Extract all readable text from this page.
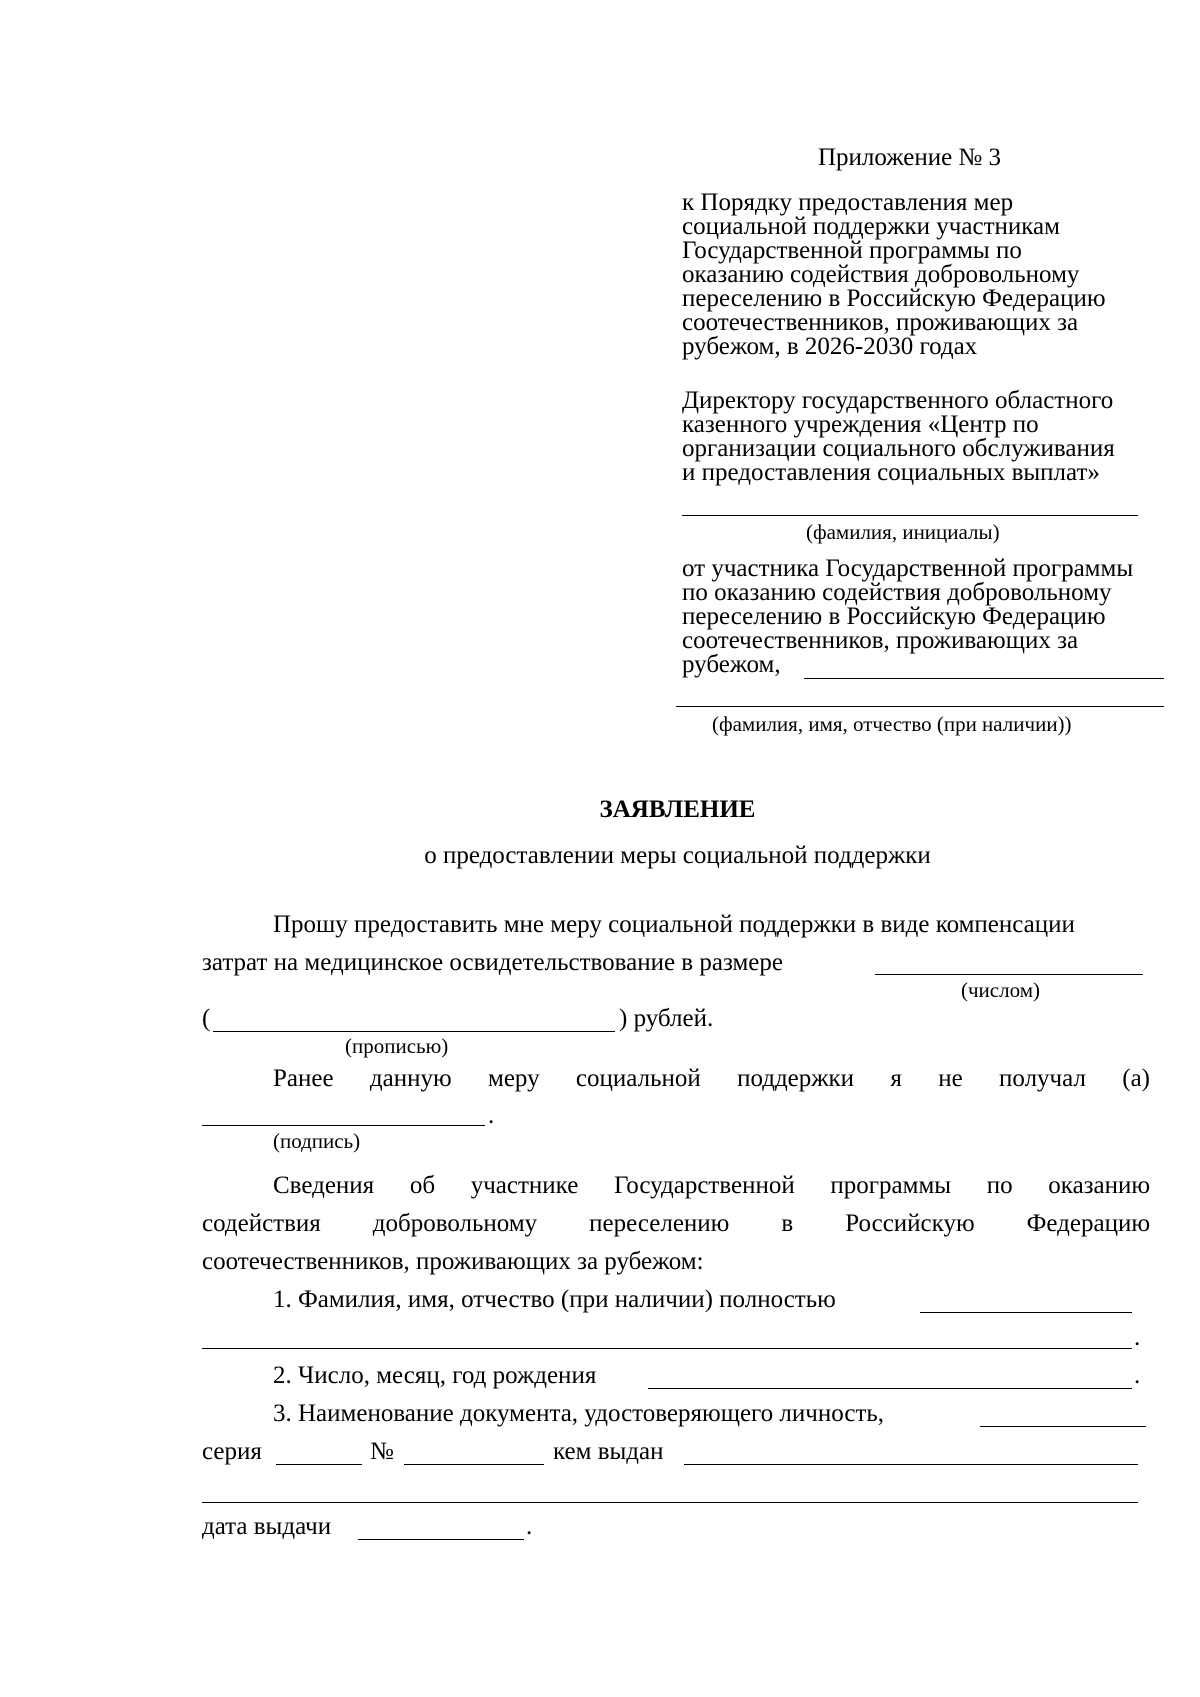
Приложение № 3
к Порядку предоставления мер
социальной поддержки участникам
Государственной программы по
оказанию содействия добровольному
переселению в Российскую Федерацию
соотечественников, проживающих за
рубежом, в 2026-2030 годах
Директору государственного областного
казенного учреждения «Центр по
организации социального обслуживания
и предоставления социальных выплат»
(фамилия, инициалы)
от участника Государственной программы
по оказанию содействия добровольному
переселению в Российскую Федерацию
соотечественников, проживающих за
рубежом,
(фамилия, имя, отчество (при наличии))
ЗАЯВЛЕНИЕ
о предоставлении меры социальной поддержки
Прошу предоставить мне меру социальной поддержки в виде компенсации
затрат на медицинское освидетельствование в размере
(числом)
(	) рублей.
(прописью)
Ранее данную меру социальной поддержки я не получал (а)
.
(подпись)
Сведения об участнике Государственной программы по оказанию
содействия добровольному переселению в Российскую Федерацию
соотечественников, проживающих за рубежом:
1. Фамилия, имя, отчество (при наличии) полностью
.
2. Число, месяц, год рождения	.
3. Наименование документа, удостоверяющего личность,
серия	№	кем выдан
дата выдачи	.
